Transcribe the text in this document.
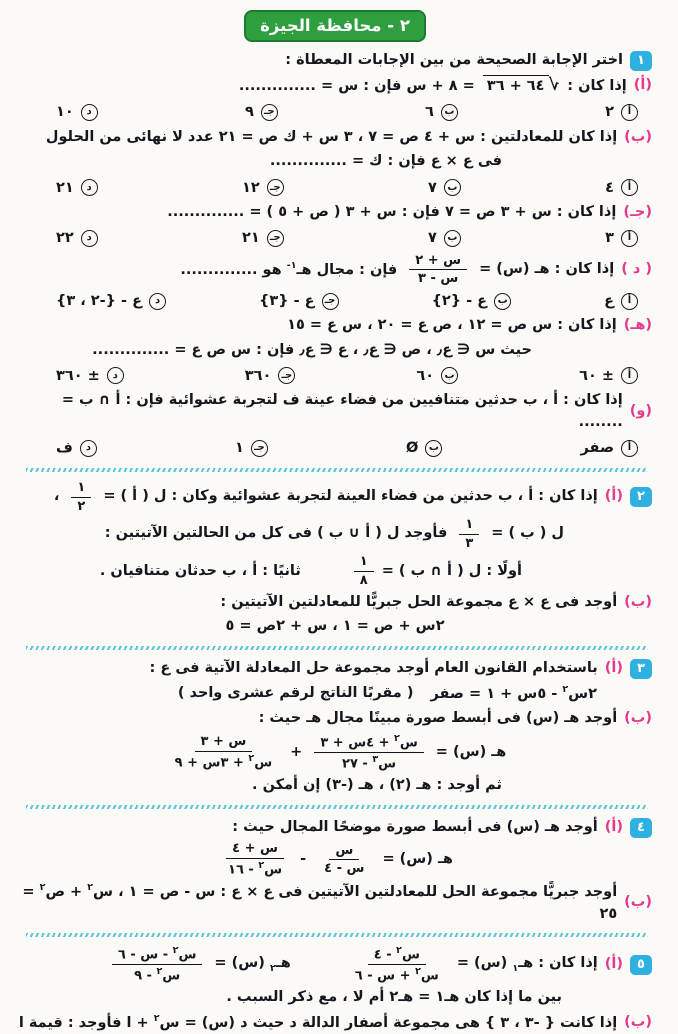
٢ - محافظة الجيزة
١
اختر الإجابة الصحيحة من بين الإجابات المعطاة :
(أ)
إذا كان :
√
٦٤ + ٣٦
= ٨ + س فإن : س = ..............
أ
٢
ب
٦
جـ
٩
د
١٠
(ب)
إذا كان للمعادلتين : س + ٤ ص = ٧ ، ٣ س + ك ص = ٢١ عدد لا نهائى من الحلول
فى ع × ع فإن : ك = ..............
أ
٤
ب
٧
جـ
١٢
د
٢١
(جـ)
إذا كان : س + ٣ ص = ٧ فإن : س + ٣ ( ص + ٥ ) = ..............
أ
٣
ب
٧
جـ
٢١
د
٢٢
( د )
إذا كان : هـ (س) =
$\frac{\text{س + ٢}}{\text{س - ٣}}$
فإن : مجال هـ$^{-١}$ هو ..............
أ
ع
ب
ع - {٢}
جـ
ع - {٣}
د
ع - {-٢ ، ٣}
(هـ)
إذا كان : س ص = ١٢ ، ص ع = ٢٠ ، س ع = ١٥
حيث س ∈ ع٫ ، ص ∈ ع٫ ، ع ∈ ع٫ فإن : س ص ع = ..............
أ
± ٦٠
ب
٦٠
جـ
٣٦٠
د
± ٣٦٠
(و)
إذا كان : أ ، ب حدثين متنافيين من فضاء عينة ف لتجربة عشوائية فإن : أ ∩ ب = ........
أ
صفر
ب
Ø
جـ
١
د
ف
٢
(أ)
إذا كان : أ ، ب حدثين من فضاء العينة لتجربة عشوائية وكان : ل ( أ ) =
$\frac{١}{٢}$
،
ل ( ب ) =
$\frac{١}{٣}$
فأوجد ل ( أ ∪ ب ) فى كل من الحالتين الآتيتين :
أولًا : ل ( أ ∩ ب ) =
$\frac{١}{٨}$
ثانيًا : أ ، ب حدثان متنافيان .
(ب)
أوجد فى ع × ع مجموعة الحل جبريًّا للمعادلتين الآتيتين :
٢س + ص = ١ ، س + ٢ص = ٥
٣
(أ)
باستخدام القانون العام أوجد مجموعة حل المعادلة الآتية فى ع :
٢س$^٢$ - ٥س + ١ = صفر
( مقربًا الناتج لرقم عشرى واحد )
(ب)
أوجد هـ (س) فى أبسط صورة مبينًا مجال هـ حيث :
هـ (س) =
$\frac{س^٢ + ٤س + ٣}{س^٣ - ٢٧}$
+
$\frac{\text{س + ٣}}{س^٢ + ٣س + ٩}$
ثم أوجد : هـ (٢) ، هـ (-٣) إن أمكن .
٤
(أ)
أوجد هـ (س) فى أبسط صورة موضحًا المجال حيث :
هـ (س) =
$\frac{\text{س}}{\text{س - ٤}}$
-
$\frac{\text{س + ٤}}{س^٢ - ١٦}$
(ب)
أوجد جبريًّا مجموعة الحل للمعادلتين الآتيتين فى ع × ع : س - ص = ١ ، س$^٢$ + ص$^٢$ = ٢٥
٥
(أ)
إذا كان : هـ$_١$ (س) =
$\frac{س^٢ - ٤}{س^٢ + س - ٦}$
هـ$_٢$ (س) =
$\frac{س^٢ - س - ٦}{س^٢ - ٩}$
بين ما إذا كان هـ١ = هـ٢ أم لا ، مع ذكر السبب .
(ب)
إذا كانت { -٣ ، ٣ } هى مجموعة أصفار الدالة د حيث د (س) = س$^٢$ + ا فأوجد : قيمة ا
